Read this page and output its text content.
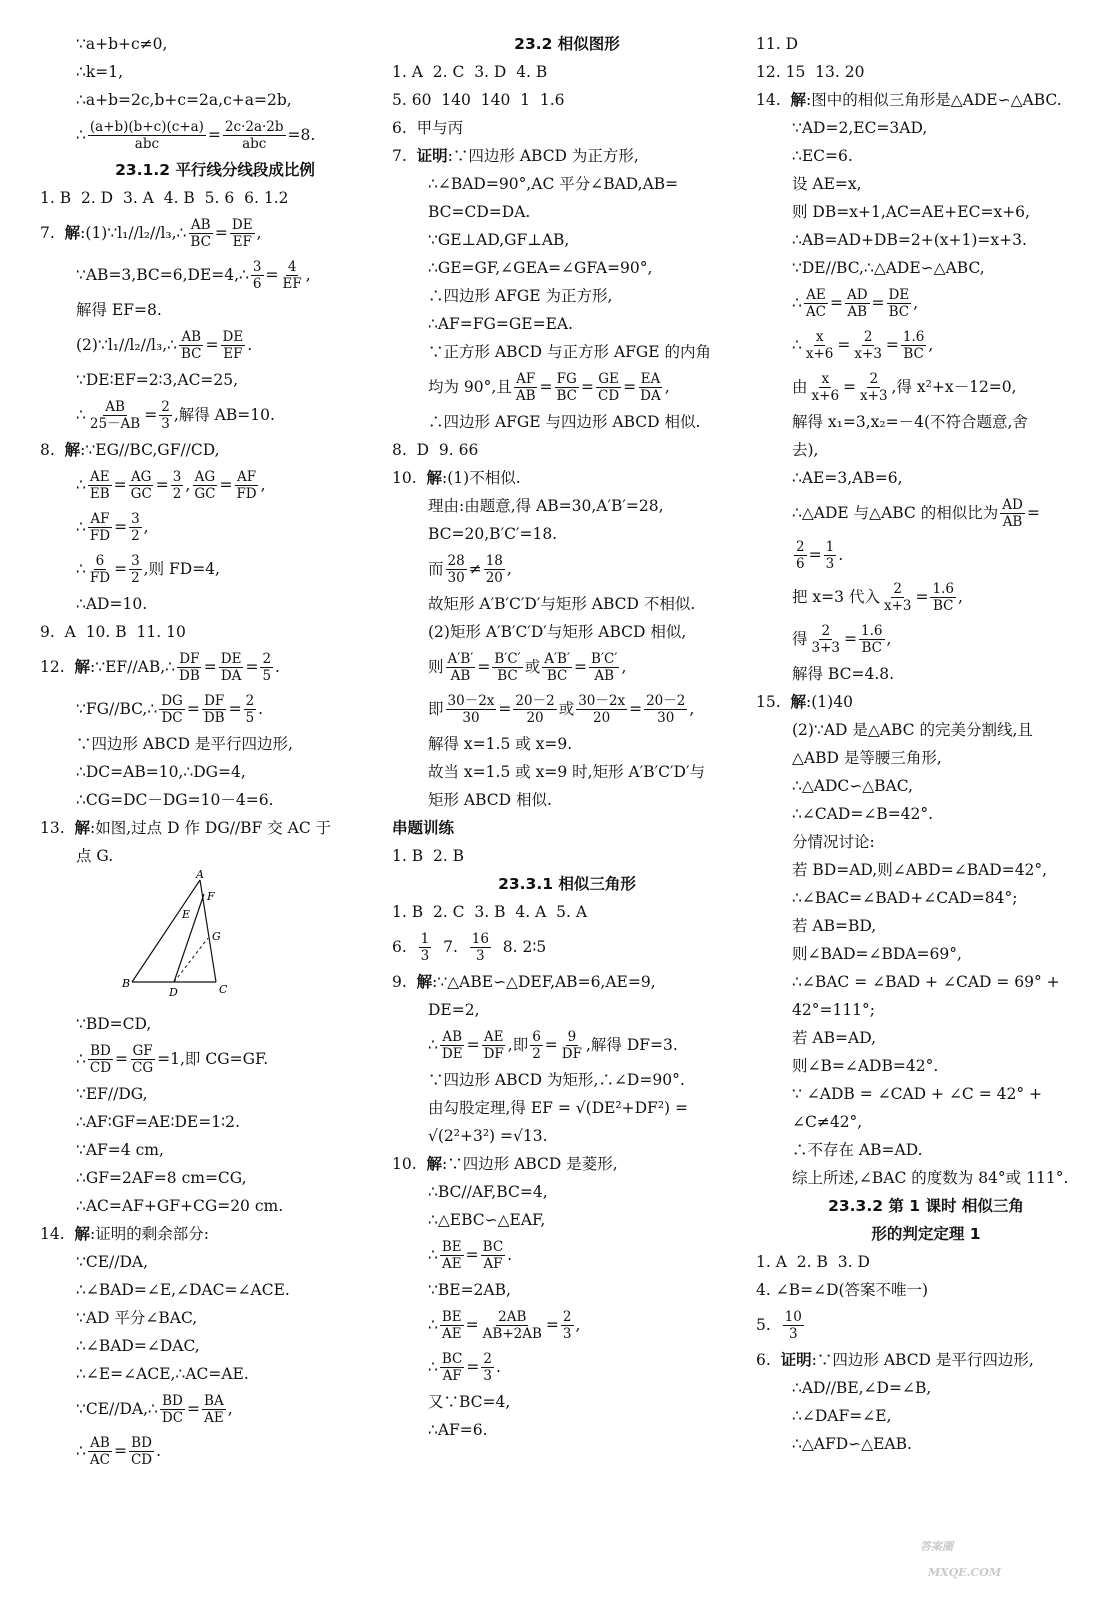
∵a+b+c≠0,
∴k=1,
∴a+b=2c,b+c=2a,c+a=2b,
∴ $\frac{(a+b)(b+c)(c+a)}{\text{abc}} = \frac{2c\cdot 2a\cdot 2b}{\text{abc}} =8$.
23.1.2 平行线分线段成比例
1. B  2. D  3. A  4. B  5. 6  6. 1.2
7. 解 :(1)∵l₁//l₂//l₃,∴ $\frac{AB}{BC} = \frac{DE}{EF}$ ,
∵AB=3,BC=6,DE=4,∴ $\frac{3}{6} = \frac{4}{EF}$ ,
解得 EF=8.
(2)∵l₁//l₂//l₃,∴ $\frac{AB}{BC} = \frac{DE}{EF}$ .
∵DE∶EF=2∶3,AC=25,
∴ $\frac{AB}{25-AB} = \frac{2}{3}$ ,解得 AB=10.
8. 解 :∵EG//BC,GF//CD,
∴ $\frac{AE}{EB} = \frac{AG}{GC} = \frac{3}{2}$ , $\frac{AG}{GC} = \frac{AF}{FD}$ ,
∴ $\frac{AF}{FD} = \frac{3}{2}$ ,
∴ $\frac{6}{FD} = \frac{3}{2}$ ,则 FD=4,
∴AD=10.
9.  A  10. B  11. 10
12. 解 :∵EF//AB,∴ $\frac{DF}{DB} = \frac{DE}{DA} = \frac{2}{5}$ .
∵FG//BC,∴ $\frac{DG}{DC} = \frac{DF}{DB} = \frac{2}{5}$ .
∵四边形 ABCD 是平行四边形,
∴DC=AB=10,∴DG=4,
∴CG=DC－DG=10－4=6.
13. 解 :如图,过点 D 作 DG//BF 交 AC 于
点 G.
A
B	C
D
E
F
G
∵BD=CD,
∴ $\frac{BD}{CD} = \frac{GF}{CG} =1$,即 CG=GF.
∵EF//DG,
∴AF∶GF=AE∶DE=1∶2.
∵AF=4 cm,
∴GF=2AF=8 cm=CG,
∴AC=AF+GF+CG=20 cm.
14. 解 :证明的剩余部分:
∵CE//DA,
∴∠BAD=∠E,∠DAC=∠ACE.
∵AD 平分∠BAC,
∴∠BAD=∠DAC,
∴∠E=∠ACE,∴AC=AE.
∵CE//DA,∴ $\frac{BD}{DC} = \frac{BA}{AE}$ ,
∴ $\frac{AB}{AC} = \frac{BD}{CD}$ .
23.2 相似图形
1. A  2. C  3. D  4. B
5. 60  140  140  1  1.6
6.  甲与丙
7. 证明 :∵四边形 ABCD 为正方形,
∴∠BAD=90°,AC 平分∠BAD,AB=
BC=CD=DA.
∵GE⊥AD,GF⊥AB,
∴GE=GF,∠GEA=∠GFA=90°,
∴四边形 AFGE 为正方形,
∴AF=FG=GE=EA.
∵正方形 ABCD 与正方形 AFGE 的内角
均为 90°,且 $\frac{AF}{AB} = \frac{FG}{BC} = \frac{GE}{CD} = \frac{EA}{DA}$ ,
∴四边形 AFGE 与四边形 ABCD 相似.
8.  D  9. 66
10. 解 :(1)不相似.
理由:由题意,得 AB=30,A′B′=28,
BC=20,B′C′=18.
而 $\frac{28}{30} \ne \frac{18}{20}$ ,
故矩形 A′B′C′D′与矩形 ABCD 不相似.
(2)矩形 A′B′C′D′与矩形 ABCD 相似,
则 $\frac{A'B'}{AB} = \frac{B'C'}{BC}$ 或 $\frac{A'B'}{BC} = \frac{B'C'}{AB}$ ,
即 $\frac{30-2x}{30} = \frac{20-2}{20}$ 或 $\frac{30-2x}{20} = \frac{20-2}{30}$ ,
解得 x=1.5 或 x=9.
故当 x=1.5 或 x=9 时,矩形 A′B′C′D′与
矩形 ABCD 相似.
串题训练
1. B  2. B
23.3.1 相似三角形
1. B  2. C  3. B  4. A  5. A
6. $\frac{1}{3} 7$. $\frac{16}{3} 8$. 2∶5
9. 解 :∵△ABE∽△DEF,AB=6,AE=9,
DE=2,
∴ $\frac{AB}{DE} = \frac{AE}{DF}$ ,即 $\frac{6}{2} = \frac{9}{DF}$ ,解得 DF=3.
∵四边形 ABCD 为矩形,∴∠D=90°.
由勾股定理,得 EF = √(DE²+DF²) =
√(2²+3²) =√13.
10. 解 :∵四边形 ABCD 是菱形,
∴BC//AF,BC=4,
∴△EBC∽△EAF,
∴ $\frac{BE}{AE} = \frac{BC}{AF}$ .
∵BE=2AB,
∴ $\frac{BE}{AE} = \frac{2AB}{AB+2AB} = \frac{2}{3}$ ,
∴ $\frac{BC}{AF} = \frac{2}{3}$ .
又∵BC=4,
∴AF=6.
11. D
12. 15  13. 20
14. 解 :图中的相似三角形是△ADE∽△ABC.
∵AD=2,EC=3AD,
∴EC=6.
设 AE=x,
则 DB=x+1,AC=AE+EC=x+6,
∴AB=AD+DB=2+(x+1)=x+3.
∵DE//BC,∴△ADE∽△ABC,
∴ $\frac{AE}{AC} = \frac{AD}{AB} = \frac{DE}{BC}$ ,
∴ $\frac{x}{x+6} = \frac{2}{x+3} = \frac{1.6}{BC}$ ,
由 $\frac{x}{x+6} = \frac{2}{x+3}$ ,得 x²+x－12=0,
解得 x₁=3,x₂=－4(不符合题意,舍
去),
∴AE=3,AB=6,
∴△ADE 与△ABC 的相似比为 $\frac{AD}{AB}$ =
$\frac{2}{6} = \frac{1}{3}$ .
把 x=3 代入 $\frac{2}{x+3} = \frac{1.6}{BC}$ ,
得 $\frac{2}{3+3} = \frac{1.6}{BC}$ ,
解得 BC=4.8.
15. 解 :(1)40
(2)∵AD 是△ABC 的完美分割线,且
△ABD 是等腰三角形,
∴△ADC∽△BAC,
∴∠CAD=∠B=42°.
分情况讨论:
若 BD=AD,则∠ABD=∠BAD=42°,
∴∠BAC=∠BAD+∠CAD=84°;
若 AB=BD,
则∠BAD=∠BDA=69°,
∴∠BAC = ∠BAD + ∠CAD = 69° +
42°=111°;
若 AB=AD,
则∠B=∠ADB=42°.
∵ ∠ADB = ∠CAD + ∠C = 42° +
∠C≠42°,
∴不存在 AB=AD.
综上所述,∠BAC 的度数为 84°或 111°.
23.3.2 第 1 课时 相似三角
形的判定定理 1
1. A  2. B  3. D
4. ∠B=∠D(答案不唯一)
5. $\frac{10}{3}$
6. 证明 :∵四边形 ABCD 是平行四边形,
∴AD//BE,∠D=∠B,
∴∠DAF=∠E,
∴△AFD∽△EAB.
答案圈
MXQE.COM
